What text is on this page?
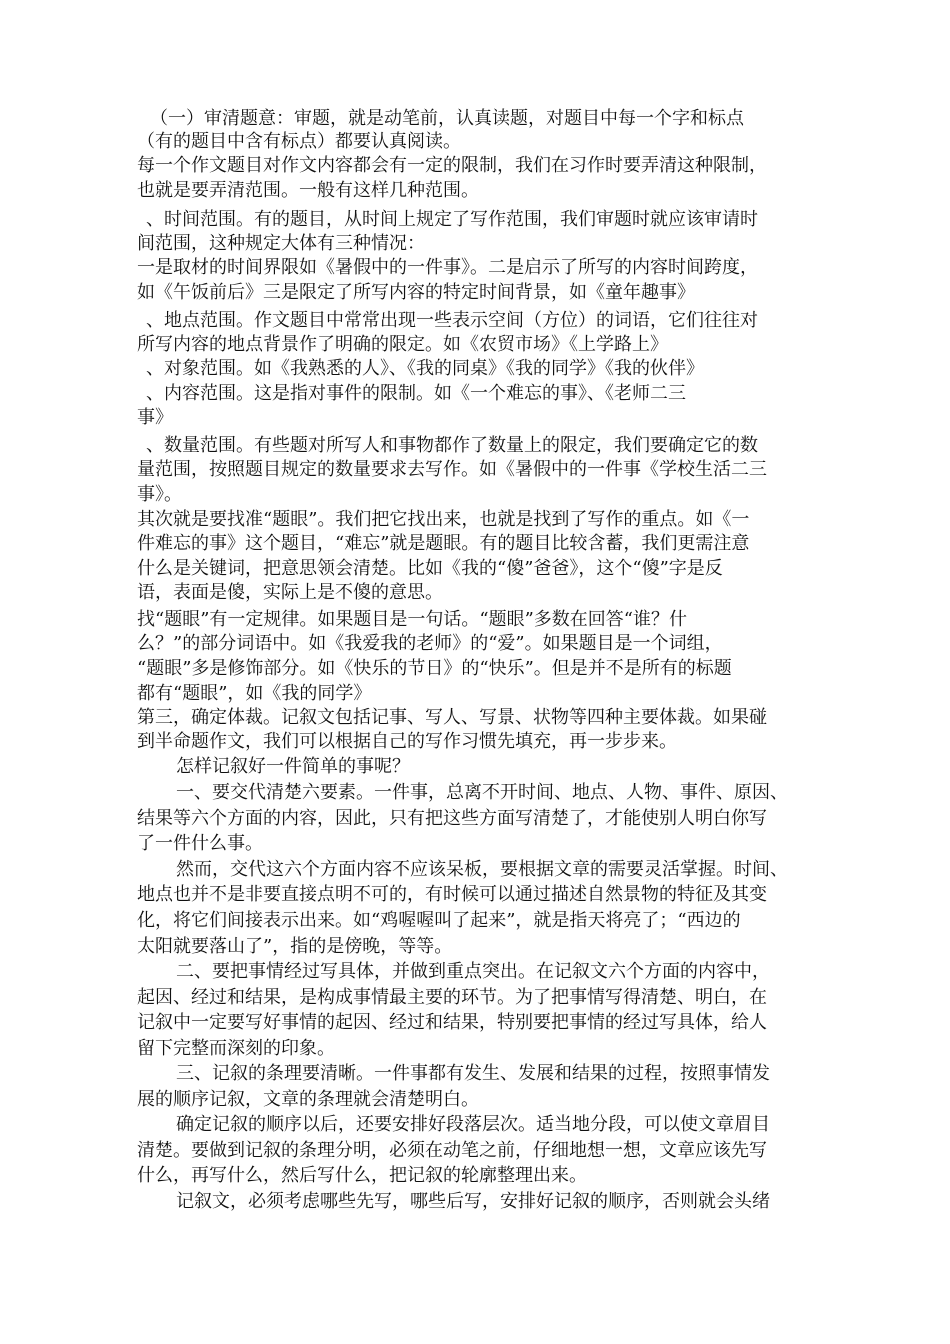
（一）审清题意：审题，就是动笔前，认真读题，对题目中每一个字和标点

（有的题目中含有标点）都要认真阅读。

每一个作文题目对作文内容都会有一定的限制，我们在习作时要弄清这种限制，

也就是要弄清范围。一般有这样几种范围。

、时间范围。有的题目，从时间上规定了写作范围，我们审题时就应该审请时

间范围，这种规定大体有三种情况：

一是取材的时间界限如《暑假中的一件事》。二是启示了所写的内容时间跨度，

如《午饭前后》三是限定了所写内容的特定时间背景，如《童年趣事》

、地点范围。作文题目中常常出现一些表示空间（方位）的词语，它们往往对

所写内容的地点背景作了明确的限定。如《农贸市场》《上学路上》

、对象范围。如《我熟悉的人》、《我的同桌》《我的同学》《我的伙伴》

、内容范围。这是指对事件的限制。如《一个难忘的事》、《老师二三

事》

、数量范围。有些题对所写人和事物都作了数量上的限定，我们要确定它的数

量范围，按照题目规定的数量要求去写作。如《暑假中的一件事《学校生活二三

事》。

其次就是要找准“题眼”。我们把它找出来，也就是找到了写作的重点。如《一

件难忘的事》这个题目，“难忘”就是题眼。有的题目比较含蓄，我们更需注意

什么是关键词，把意思领会清楚。比如《我的“傻”爸爸》，这个“傻”字是反

语，表面是傻，实际上是不傻的意思。

找“题眼”有一定规律。如果题目是一句话。“题眼”多数在回答“谁？什

么？”的部分词语中。如《我爱我的老师》的“爱”。如果题目是一个词组，

“题眼”多是修饰部分。如《快乐的节日》的“快乐”。但是并不是所有的标题

都有“题眼”，如《我的同学》

第三，确定体裁。记叙文包括记事、写人、写景、状物等四种主要体裁。如果碰

到半命题作文，我们可以根据自己的写作习惯先填充，再一步步来。

怎样记叙好一件简单的事呢？

一、要交代清楚六要素。一件事，总离不开时间、地点、人物、事件、原因、

结果等六个方面的内容，因此，只有把这些方面写清楚了，才能使别人明白你写

了一件什么事。

然而，交代这六个方面内容不应该呆板，要根据文章的需要灵活掌握。时间、

地点也并不是非要直接点明不可的，有时候可以通过描述自然景物的特征及其变

化，将它们间接表示出来。如“鸡喔喔叫了起来”，就是指天将亮了；“西边的

太阳就要落山了”，指的是傍晚，等等。

二、要把事情经过写具体，并做到重点突出。在记叙文六个方面的内容中，

起因、经过和结果，是构成事情最主要的环节。为了把事情写得清楚、明白，在

记叙中一定要写好事情的起因、经过和结果，特别要把事情的经过写具体，给人

留下完整而深刻的印象。

三、记叙的条理要清晰。一件事都有发生、发展和结果的过程，按照事情发

展的顺序记叙，文章的条理就会清楚明白。

确定记叙的顺序以后，还要安排好段落层次。适当地分段，可以使文章眉目

清楚。要做到记叙的条理分明，必须在动笔之前，仔细地想一想，文章应该先写

什么，再写什么，然后写什么，把记叙的轮廓整理出来。

记叙文，必须考虑哪些先写，哪些后写，安排好记叙的顺序，否则就会头绪
